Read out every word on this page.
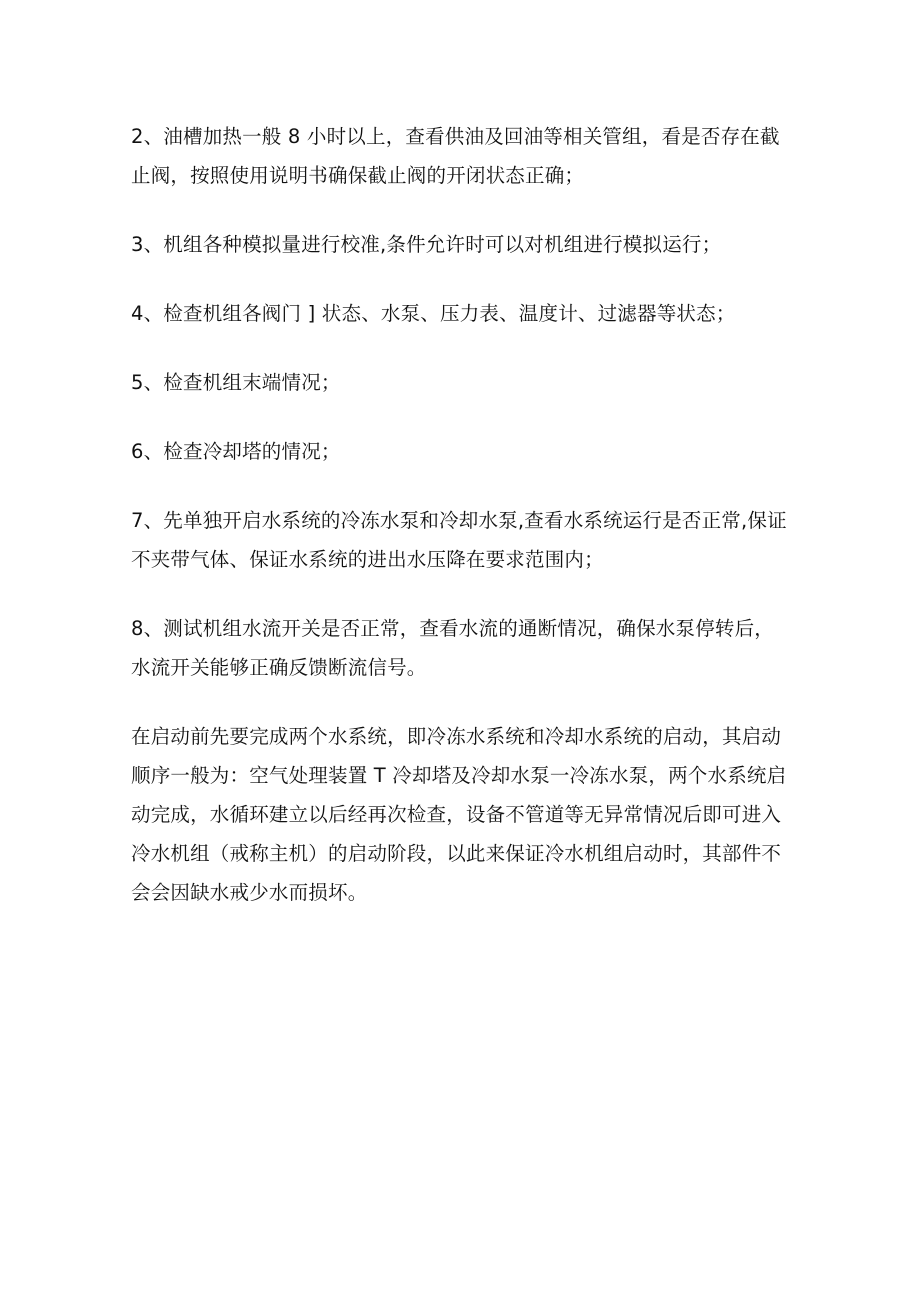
2、油槽加热一般 8 小时以上，查看供油及回油等相关管组，看是否存在截
止阀，按照使用说明书确保截止阀的开闭状态正确；
3、机组各种模拟量进行校准,条件允许时可以对机组进行模拟运行；
4、检查机组各阀门 ] 状态、水泵、压力表、温度计、过滤器等状态；
5、检查机组末端情况；
6、检查冷却塔的情况；
7、先单独开启水系统的冷冻水泵和冷却水泵,查看水系统运行是否正常,保证
不夹带气体、保证水系统的进出水压降在要求范围内；
8、测试机组水流开关是否正常，查看水流的通断情况，确保水泵停转后，
水流开关能够正确反馈断流信号。
在启动前先要完成两个水系统，即冷冻水系统和冷却水系统的启动，其启动
顺序一般为：空气处理装置 T 冷却塔及冷却水泵一冷冻水泵，两个水系统启
动完成，水循环建立以后经再次检查，设备不管道等无异常情况后即可进入
冷水机组（戒称主机）的启动阶段，以此来保证冷水机组启动时，其部件不
会会因缺水戒少水而损坏。
